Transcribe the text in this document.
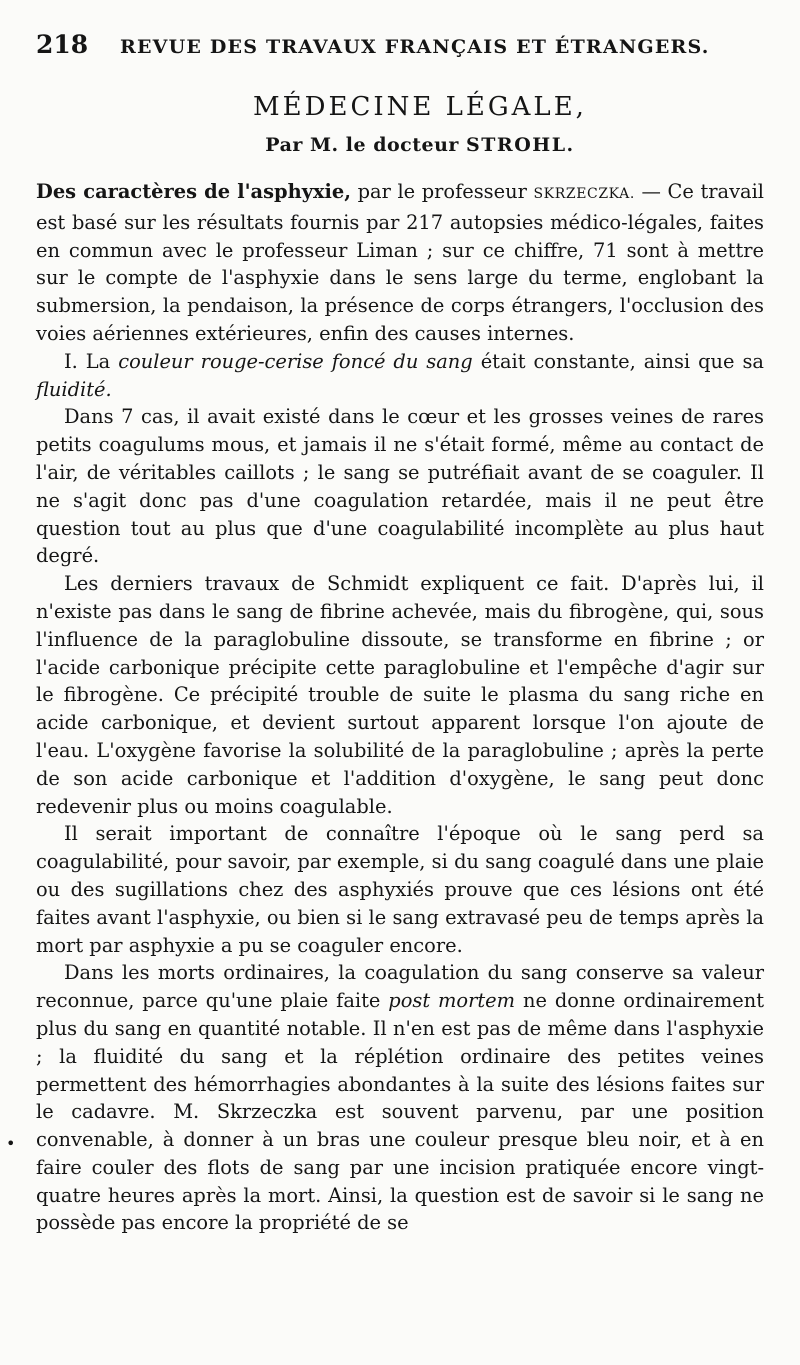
218	REVUE DES TRAVAUX FRANÇAIS ET ÉTRANGERS.
MÉDECINE LÉGALE,
Par M. le docteur STROHL.

Des caractères de l'asphyxie, par le professeur SKRZECZKA. — Ce travail est basé sur les résultats fournis par 217 autopsies médico-légales, faites en commun avec le professeur Liman ; sur ce chiffre, 71 sont à mettre sur le compte de l'asphyxie dans le sens large du terme, englobant la submersion, la pendaison, la présence de corps étrangers, l'occlusion des voies aériennes extérieures, enfin des causes internes.

I. La couleur rouge-cerise foncé du sang était constante, ainsi que sa fluidité.

Dans 7 cas, il avait existé dans le cœur et les grosses veines de rares petits coagulums mous, et jamais il ne s'était formé, même au contact de l'air, de véritables caillots ; le sang se putréfiait avant de se coaguler. Il ne s'agit donc pas d'une coagulation retardée, mais il ne peut être question tout au plus que d'une coagulabilité incomplète au plus haut degré.

Les derniers travaux de Schmidt expliquent ce fait. D'après lui, il n'existe pas dans le sang de fibrine achevée, mais du fibrogène, qui, sous l'influence de la paraglobuline dissoute, se transforme en fibrine ; or l'acide carbonique précipite cette paraglobuline et l'empêche d'agir sur le fibrogène. Ce précipité trouble de suite le plasma du sang riche en acide carbonique, et devient surtout apparent lorsque l'on ajoute de l'eau. L'oxygène favorise la solubilité de la paraglobuline ; après la perte de son acide carbonique et l'addition d'oxygène, le sang peut donc redevenir plus ou moins coagulable.

Il serait important de connaître l'époque où le sang perd sa coagulabilité, pour savoir, par exemple, si du sang coagulé dans une plaie ou des sugillations chez des asphyxiés prouve que ces lésions ont été faites avant l'asphyxie, ou bien si le sang extravasé peu de temps après la mort par asphyxie a pu se coaguler encore.

Dans les morts ordinaires, la coagulation du sang conserve sa valeur reconnue, parce qu'une plaie faite post mortem ne donne ordinairement plus du sang en quantité notable. Il n'en est pas de même dans l'asphyxie ; la fluidité du sang et la réplétion ordinaire des petites veines permettent des hémorrhagies abondantes à la suite des lésions faites sur le cadavre. M. Skrzeczka est souvent parvenu, par une position convenable, à donner à un bras une couleur presque bleu noir, et à en faire couler des flots de sang par une incision pratiquée encore vingt-quatre heures après la mort. Ainsi, la question est de savoir si le sang ne possède pas encore la propriété de se

•
